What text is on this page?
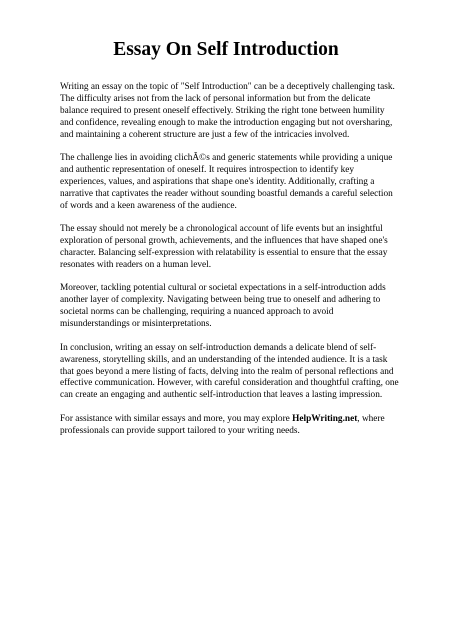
Essay On Self Introduction

Writing an essay on the topic of "Self Introduction" can be a deceptively challenging task. The difficulty arises not from the lack of personal information but from the delicate balance required to present oneself effectively. Striking the right tone between humility and confidence, revealing enough to make the introduction engaging but not oversharing, and maintaining a coherent structure are just a few of the intricacies involved.

The challenge lies in avoiding clichÃ©s and generic statements while providing a unique and authentic representation of oneself. It requires introspection to identify key experiences, values, and aspirations that shape one's identity. Additionally, crafting a narrative that captivates the reader without sounding boastful demands a careful selection of words and a keen awareness of the audience.

The essay should not merely be a chronological account of life events but an insightful exploration of personal growth, achievements, and the influences that have shaped one's character. Balancing self-expression with relatability is essential to ensure that the essay resonates with readers on a human level.

Moreover, tackling potential cultural or societal expectations in a self-introduction adds another layer of complexity. Navigating between being true to oneself and adhering to societal norms can be challenging, requiring a nuanced approach to avoid misunderstandings or misinterpretations.

In conclusion, writing an essay on self-introduction demands a delicate blend of self-awareness, storytelling skills, and an understanding of the intended audience. It is a task that goes beyond a mere listing of facts, delving into the realm of personal reflections and effective communication. However, with careful consideration and thoughtful crafting, one can create an engaging and authentic self-introduction that leaves a lasting impression.

For assistance with similar essays and more, you may explore HelpWriting.net, where professionals can provide support tailored to your writing needs.
